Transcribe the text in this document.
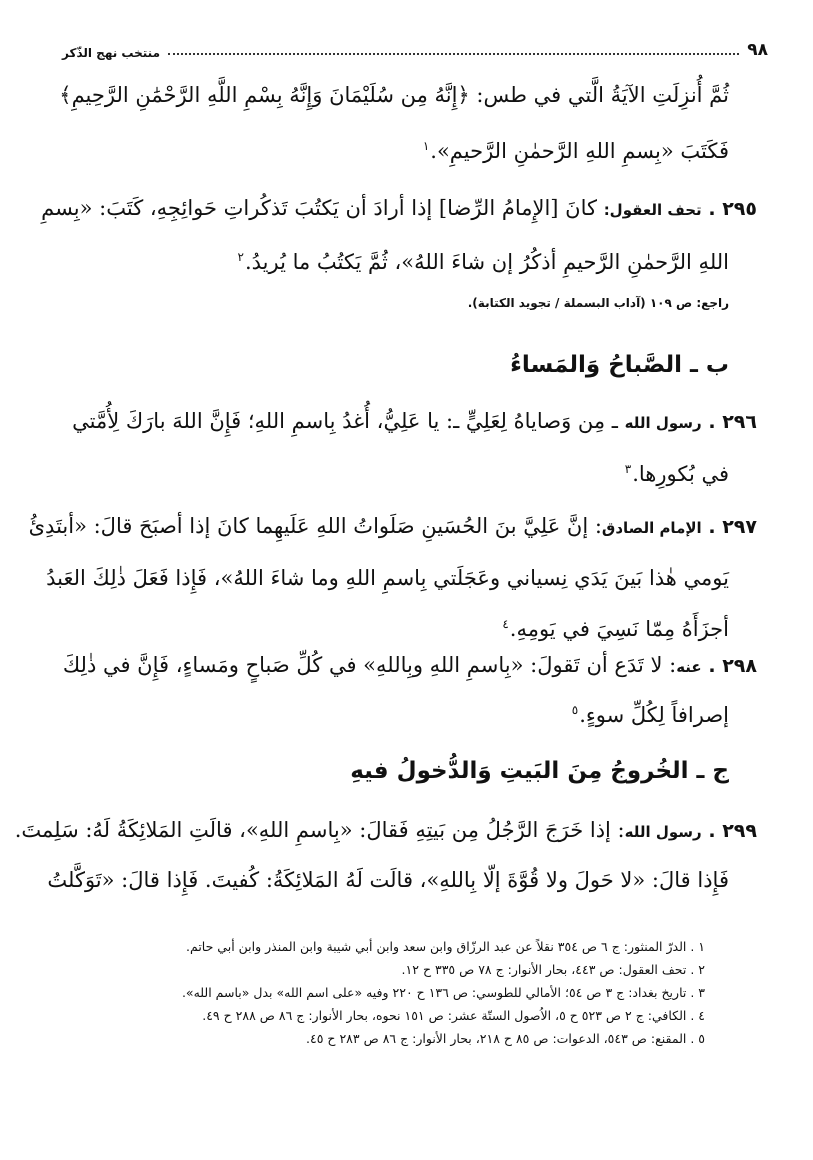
٩٨
منتخب نهج الذّكر
ثُمَّ أُنزِلَتِ الآيَةُ الَّتي في طس: ﴿إِنَّهُ مِن سُلَيْمَانَ وَإِنَّهُ بِسْمِ اللَّهِ الرَّحْمَٰنِ الرَّحِيمِ﴾
فَكَتَبَ «بِسمِ اللهِ الرَّحمٰنِ الرَّحيمِ».$^١$
٢٩٥ . تحف العقول: كانَ [الإِمامُ الرِّضا] إذا أرادَ أن يَكتُبَ تَذكُراتِ حَوائِجِهِ، كَتَبَ: «بِسمِ
اللهِ الرَّحمٰنِ الرَّحيمِ أذكُرُ إن شاءَ اللهُ»، ثُمَّ يَكتُبُ ما يُريدُ.$^٢$
راجع: ص ١٠٩ (آداب البسملة / تجويد الكتابة).
ب ـ الصَّباحُ وَالمَساءُ
٢٩٦ . رسول الله ـ مِن وَصاياهُ لِعَلِيٍّ ـ: يا عَلِيُّ، أُغدُ بِاسمِ اللهِ؛ فَإِنَّ اللهَ بارَكَ لِأُمَّتي
في بُكورِها.$^٣$
٢٩٧ . الإمام الصادق: إنَّ عَلِيَّ بنَ الحُسَينِ صَلَواتُ اللهِ عَلَيهِما كانَ إذا أصبَحَ قالَ: «أبتَدِئُ
يَومي هٰذا بَينَ يَدَي نِسياني وعَجَلَتي بِاسمِ اللهِ وما شاءَ اللهُ»، فَإِذا فَعَلَ ذٰلِكَ العَبدُ
أجزَأَهُ مِمّا نَسِيَ في يَومِهِ.$^٤$
٢٩٨ . عنه: لا تَدَع أن تَقولَ: «بِاسمِ اللهِ وبِاللهِ» في كُلِّ صَباحٍ ومَساءٍ، فَإِنَّ في ذٰلِكَ
إصرافاً لِكُلِّ سوءٍ.$^٥$
ج ـ الخُروجُ مِنَ البَيتِ وَالدُّخولُ فيهِ
٢٩٩ . رسول الله: إذا خَرَجَ الرَّجُلُ مِن بَيتِهِ فَقالَ: «بِاسمِ اللهِ»، قالَتِ المَلائِكَةُ لَهُ: سَلِمتَ.
فَإِذا قالَ: «لا حَولَ ولا قُوَّةَ إلّا بِاللهِ»، قالَت لَهُ المَلائِكَةُ: كُفيتَ. فَإِذا قالَ: «تَوَكَّلتُ
١ . الدرّ المنثور: ج ٦ ص ٣٥٤ نقلاً عن عبد الرزّاق وابن سعد وابن أبي شيبة وابن المنذر وابن أبي حاتم.
٢ . تحف العقول: ص ٤٤٣، بحار الأنوار: ج ٧٨ ص ٣٣٥ ح ١٢.
٣ . تاريخ بغداد: ج ٣ ص ٥٤؛ الأمالي للطوسي: ص ١٣٦ ح ٢٢٠ وفيه «على اسم الله» بدل «باسم الله».
٤ . الكافي: ج ٢ ص ٥٢٣ ح ٥، الاُصول الستّة عشر: ص ١٥١ نحوه، بحار الأنوار: ج ٨٦ ص ٢٨٨ ح ٤٩.
٥ . المقنع: ص ٥٤٣، الدعوات: ص ٨٥ ح ٢١٨، بحار الأنوار: ج ٨٦ ص ٢٨٣ ح ٤٥.
